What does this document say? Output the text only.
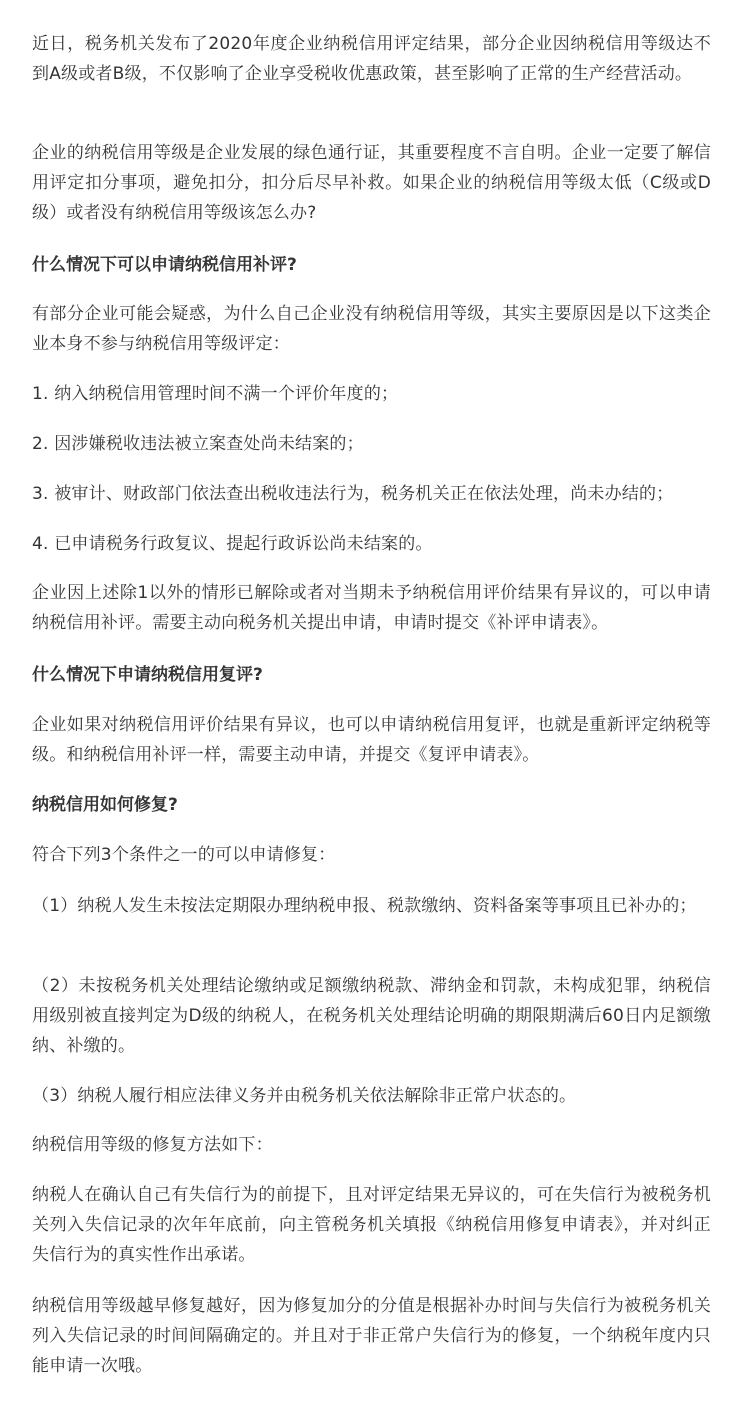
近日，税务机关发布了2020年度企业纳税信用评定结果，部分企业因纳税信用等级达不到A级或者B级，不仅影响了企业享受税收优惠政策，甚至影响了正常的生产经营活动。

企业的纳税信用等级是企业发展的绿色通行证，其重要程度不言自明。企业一定要了解信用评定扣分事项，避免扣分，扣分后尽早补救。如果企业的纳税信用等级太低（C级或D级）或者没有纳税信用等级该怎么办?

什么情况下可以申请纳税信用补评?

有部分企业可能会疑惑，为什么自己企业没有纳税信用等级，其实主要原因是以下这类企业本身不参与纳税信用等级评定：

1. 纳入纳税信用管理时间不满一个评价年度的；

2. 因涉嫌税收违法被立案查处尚未结案的；

3. 被审计、财政部门依法查出税收违法行为，税务机关正在依法处理，尚未办结的；

4. 已申请税务行政复议、提起行政诉讼尚未结案的。

企业因上述除1以外的情形已解除或者对当期未予纳税信用评价结果有异议的，可以申请纳税信用补评。需要主动向税务机关提出申请，申请时提交《补评申请表》。

什么情况下申请纳税信用复评?

企业如果对纳税信用评价结果有异议，也可以申请纳税信用复评，也就是重新评定纳税等级。和纳税信用补评一样，需要主动申请，并提交《复评申请表》。

纳税信用如何修复?

符合下列3个条件之一的可以申请修复：

（1）纳税人发生未按法定期限办理纳税申报、税款缴纳、资料备案等事项且已补办的；

（2）未按税务机关处理结论缴纳或足额缴纳税款、滞纳金和罚款，未构成犯罪，纳税信用级别被直接判定为D级的纳税人，在税务机关处理结论明确的期限期满后60日内足额缴纳、补缴的。

（3）纳税人履行相应法律义务并由税务机关依法解除非正常户状态的。

纳税信用等级的修复方法如下：

纳税人在确认自己有失信行为的前提下，且对评定结果无异议的，可在失信行为被税务机关列入失信记录的次年年底前，向主管税务机关填报《纳税信用修复申请表》，并对纠正失信行为的真实性作出承诺。

纳税信用等级越早修复越好，因为修复加分的分值是根据补办时间与失信行为被税务机关列入失信记录的时间间隔确定的。并且对于非正常户失信行为的修复，一个纳税年度内只能申请一次哦。
